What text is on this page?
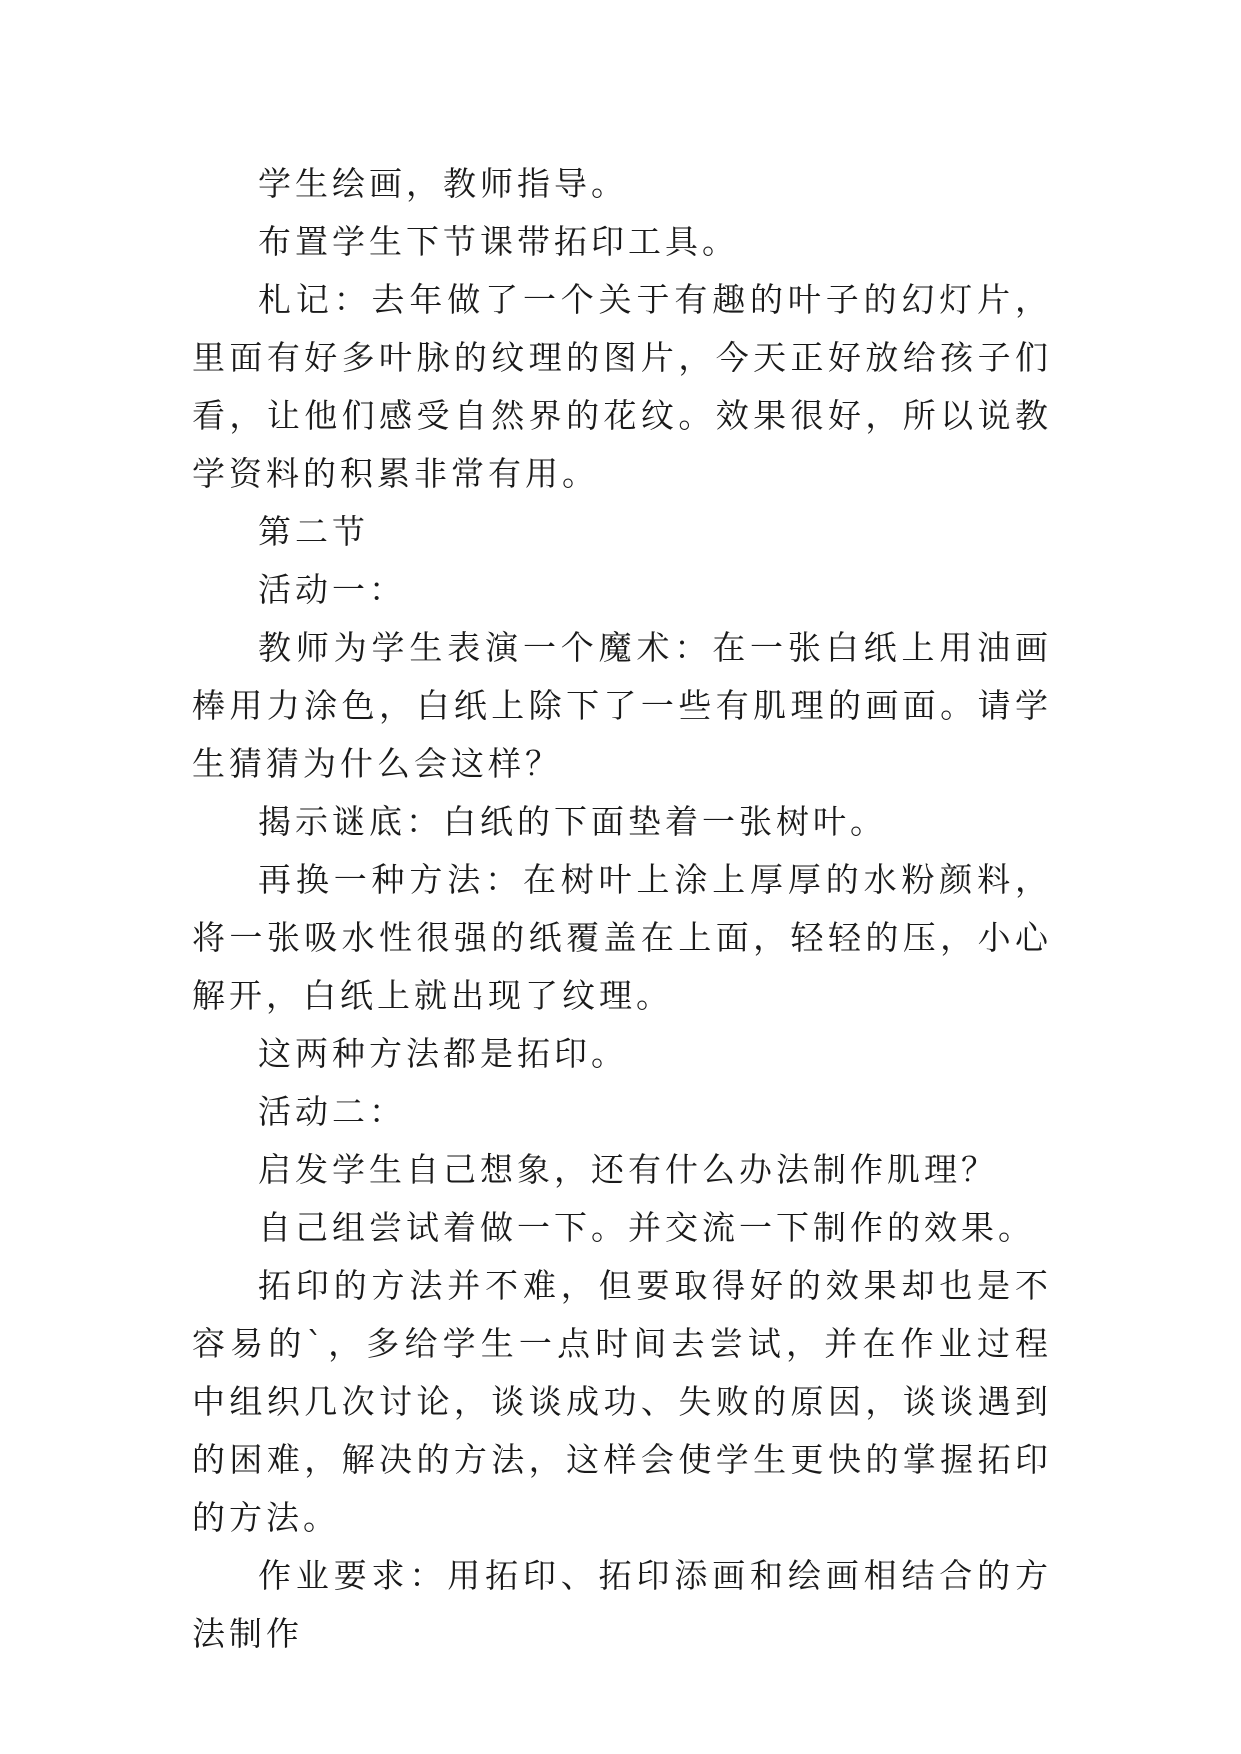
学生绘画，教师指导。

布置学生下节课带拓印工具。

札记：去年做了一个关于有趣的叶子的幻灯片，里面有好多叶脉的纹理的图片，今天正好放给孩子们看，让他们感受自然界的花纹。效果很好，所以说教学资料的积累非常有用。

第二节

活动一：

教师为学生表演一个魔术：在一张白纸上用油画棒用力涂色，白纸上除下了一些有肌理的画面。请学生猜猜为什么会这样？

揭示谜底：白纸的下面垫着一张树叶。

再换一种方法：在树叶上涂上厚厚的水粉颜料，将一张吸水性很强的纸覆盖在上面，轻轻的压，小心解开，白纸上就出现了纹理。

这两种方法都是拓印。

活动二：

启发学生自己想象，还有什么办法制作肌理？

自己组尝试着做一下。并交流一下制作的效果。

拓印的方法并不难，但要取得好的效果却也是不容易的`，多给学生一点时间去尝试，并在作业过程中组织几次讨论，谈谈成功、失败的原因，谈谈遇到的困难，解决的方法，这样会使学生更快的掌握拓印的方法。

作业要求：用拓印、拓印添画和绘画相结合的方法制作
